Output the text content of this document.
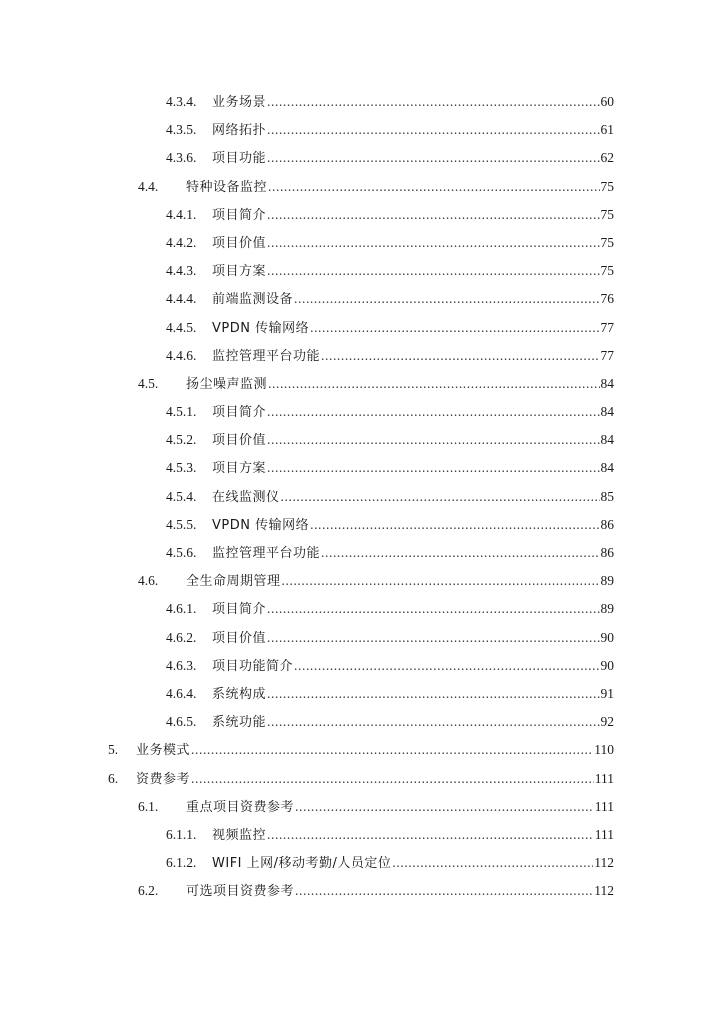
4.3.4. 业务场景 .....	60
4.3.5. 网络拓扑 .....	61
4.3.6. 项目功能 .....	62
4.4. 特种设备监控 .....	75
4.4.1. 项目简介 .....	75
4.4.2. 项目价值 .....	75
4.4.3. 项目方案 .....	75
4.4.4. 前端监测设备 .....	76
4.4.5. VPDN 传输网络 .....	77
4.4.6. 监控管理平台功能 .....	77
4.5. 扬尘噪声监测 .....	84
4.5.1. 项目简介 .....	84
4.5.2. 项目价值 .....	84
4.5.3. 项目方案 .....	84
4.5.4. 在线监测仪 .....	85
4.5.5. VPDN 传输网络 .....	86
4.5.6. 监控管理平台功能 .....	86
4.6. 全生命周期管理 .....	89
4.6.1. 项目简介 .....	89
4.6.2. 项目价值 .....	90
4.6.3. 项目功能简介 .....	90
4.6.4. 系统构成 .....	91
4.6.5. 系统功能 .....	92
5. 业务模式 .....	110
6. 资费参考 .....	111
6.1. 重点项目资费参考 .....	111
6.1.1. 视频监控 .....	111
6.1.2. WIFI 上网/移动考勤/人员定位 .....	112
6.2. 可选项目资费参考 .....	112
